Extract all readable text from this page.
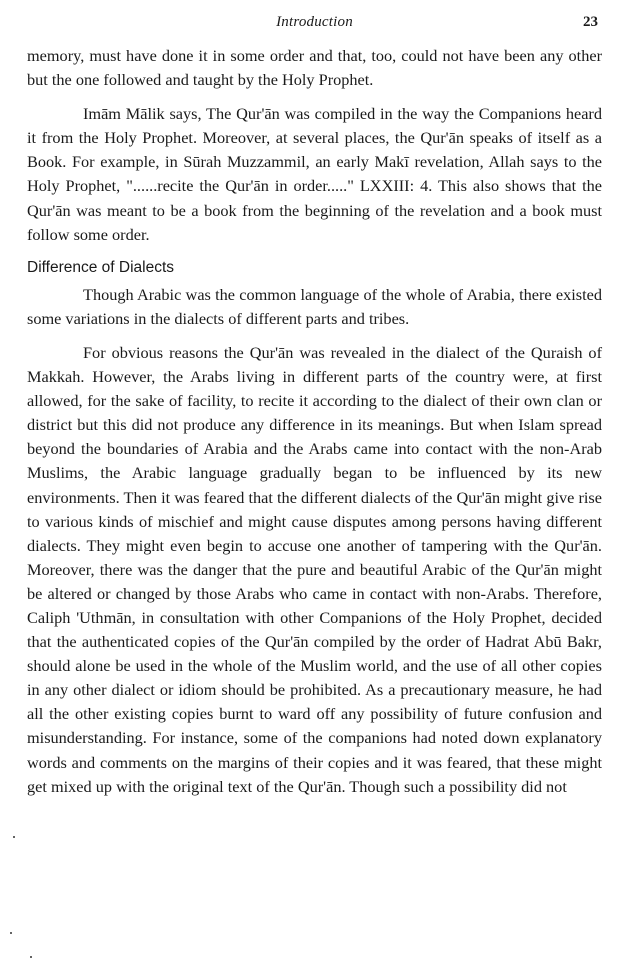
Introduction	23

memory, must have done it in some order and that, too, could not have been any other but the one followed and taught by the Holy Prophet.

Imām Mālik says, The Qur'ān was compiled in the way the Companions heard it from the Holy Prophet. Moreover, at several places, the Qur'ān speaks of itself as a Book. For example, in Sūrah Muzzammil, an early Makī revelation, Allah says to the Holy Prophet, "......recite the Qur'ān in order....." LXXIII: 4. This also shows that the Qur'ān was meant to be a book from the beginning of the revelation and a book must follow some order.

Difference of Dialects

Though Arabic was the common language of the whole of Arabia, there existed some variations in the dialects of different parts and tribes.

For obvious reasons the Qur'ān was revealed in the dialect of the Quraish of Makkah. However, the Arabs living in different parts of the country were, at first allowed, for the sake of facility, to recite it according to the dialect of their own clan or district but this did not produce any difference in its meanings. But when Islam spread beyond the boundaries of Arabia and the Arabs came into contact with the non-Arab Muslims, the Arabic language gradually began to be influenced by its new environments. Then it was feared that the different dialects of the Qur'ān might give rise to various kinds of mischief and might cause disputes among persons having different dialects. They might even begin to accuse one another of tampering with the Qur'ān. Moreover, there was the danger that the pure and beautiful Arabic of the Qur'ān might be altered or changed by those Arabs who came in contact with non-Arabs. Therefore, Caliph 'Uthmān, in consultation with other Companions of the Holy Prophet, decided that the authenticated copies of the Qur'ān compiled by the order of Hadrat Abū Bakr, should alone be used in the whole of the Muslim world, and the use of all other copies in any other dialect or idiom should be prohibited. As a precautionary measure, he had all the other existing copies burnt to ward off any possibility of future confusion and misunderstanding. For instance, some of the companions had noted down explanatory words and comments on the margins of their copies and it was feared, that these might get mixed up with the original text of the Qur'ān. Though such a possibility did not
